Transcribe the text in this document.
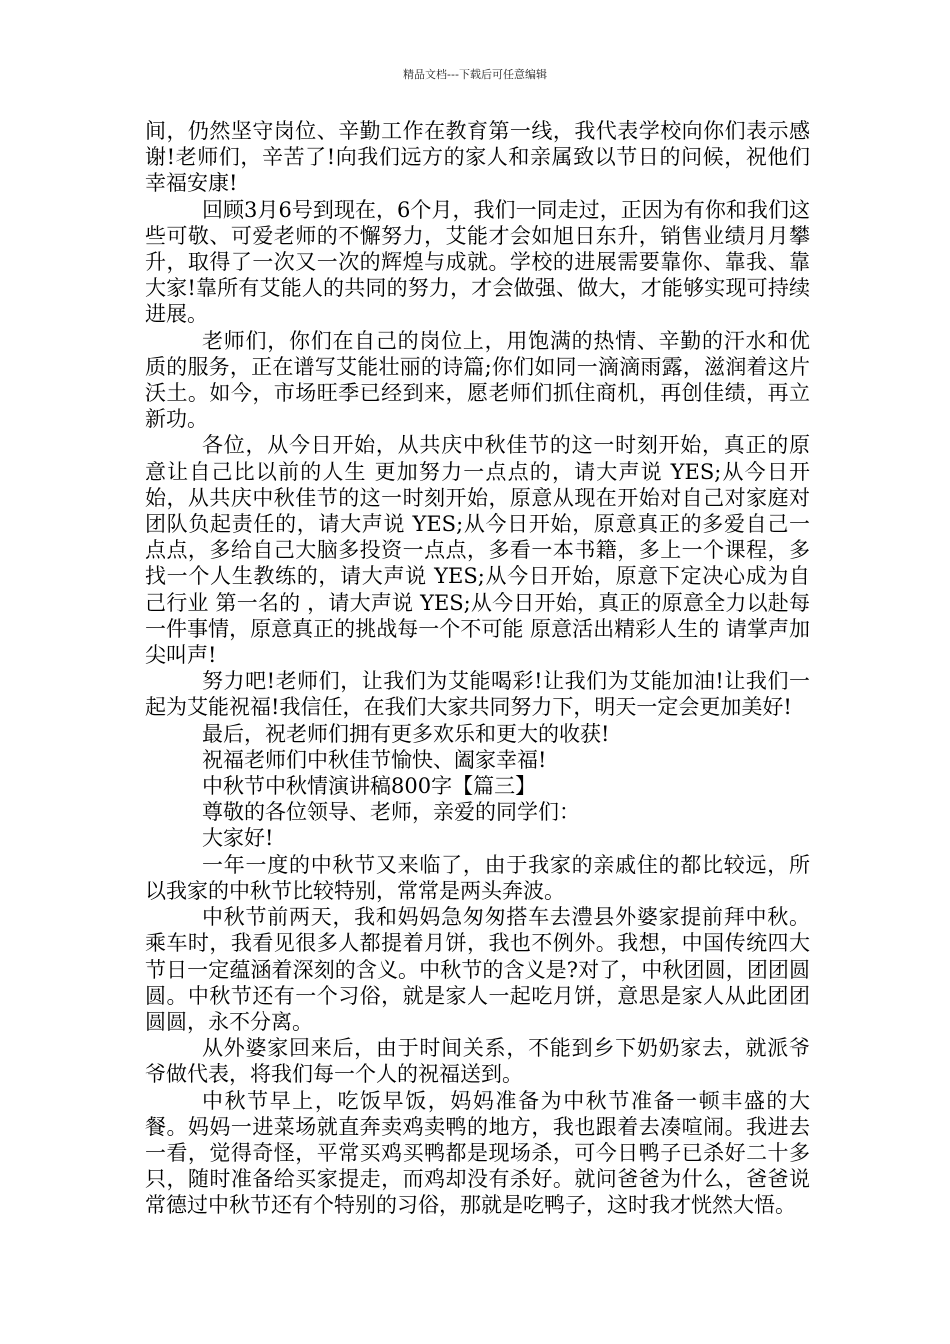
精品文档---下载后可任意编辑

间，仍然坚守岗位、辛勤工作在教育第一线，我代表学校向你们表示感谢!老师们，辛苦了!向我们远方的家人和亲属致以节日的问候，祝他们幸福安康!

回顾3月6号到现在，6个月，我们一同走过，正因为有你和我们这些可敬、可爱老师的不懈努力，艾能才会如旭日东升，销售业绩月月攀升，取得了一次又一次的辉煌与成就。学校的进展需要靠你、靠我、靠大家!靠所有艾能人的共同的努力，才会做强、做大，才能够实现可持续进展。

老师们，你们在自己的岗位上，用饱满的热情、辛勤的汗水和优质的服务，正在谱写艾能壮丽的诗篇;你们如同一滴滴雨露，滋润着这片沃土。如今，市场旺季已经到来，愿老师们抓住商机，再创佳绩，再立新功。

各位，从今日开始，从共庆中秋佳节的这一时刻开始，真正的原意让自己比以前的人生 更加努力一点点的，请大声说 YES;从今日开始，从共庆中秋佳节的这一时刻开始，原意从现在开始对自己对家庭对团队负起责任的，请大声说 YES;从今日开始，原意真正的多爱自己一点点，多给自己大脑多投资一点点，多看一本书籍，多上一个课程，多找一个人生教练的，请大声说 YES;从今日开始，原意下定决心成为自己行业 第一名的 ，请大声说 YES;从今日开始，真正的原意全力以赴每一件事情，原意真正的挑战每一个不可能 原意活出精彩人生的 请掌声加尖叫声!

努力吧!老师们，让我们为艾能喝彩!让我们为艾能加油!让我们一起为艾能祝福!我信任，在我们大家共同努力下，明天一定会更加美好!

最后，祝老师们拥有更多欢乐和更大的收获!

祝福老师们中秋佳节愉快、阖家幸福!

中秋节中秋情演讲稿800字【篇三】

尊敬的各位领导、老师，亲爱的同学们：

大家好!

一年一度的中秋节又来临了，由于我家的亲戚住的都比较远，所以我家的中秋节比较特别，常常是两头奔波。

中秋节前两天，我和妈妈急匆匆搭车去澧县外婆家提前拜中秋。乘车时，我看见很多人都提着月饼，我也不例外。我想，中国传统四大节日一定蕴涵着深刻的含义。中秋节的含义是?对了，中秋团圆，团团圆圆。中秋节还有一个习俗，就是家人一起吃月饼，意思是家人从此团团圆圆，永不分离。

从外婆家回来后，由于时间关系，不能到乡下奶奶家去，就派爷爷做代表，将我们每一个人的祝福送到。

中秋节早上，吃饭早饭，妈妈准备为中秋节准备一顿丰盛的大餐。妈妈一进菜场就直奔卖鸡卖鸭的地方，我也跟着去凑喧闹。我进去一看，觉得奇怪，平常买鸡买鸭都是现场杀，可今日鸭子已杀好二十多只，随时准备给买家提走，而鸡却没有杀好。就问爸爸为什么，爸爸说常德过中秋节还有个特别的习俗，那就是吃鸭子，这时我才恍然大悟。
